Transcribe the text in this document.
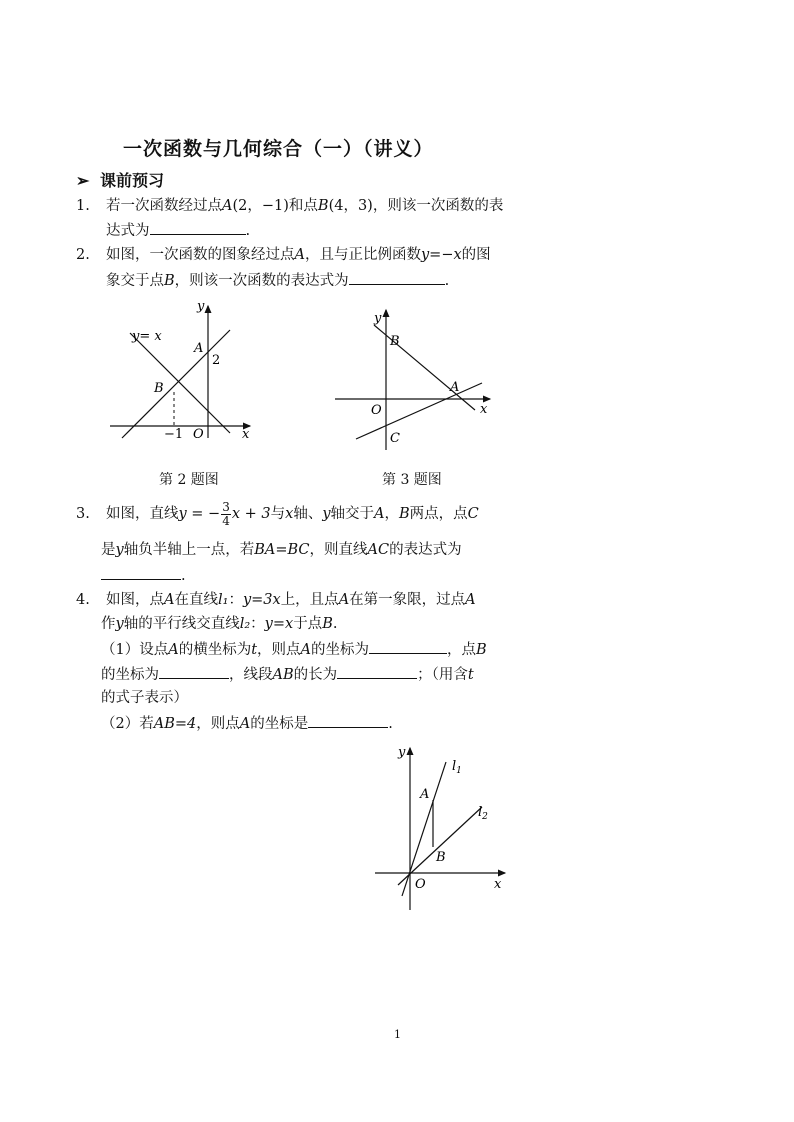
一次函数与几何综合（一）（讲义）
➢ 课前预习
1. 若一次函数经过点A(2，−1)和点B(4，3)，则该一次函数的表
达式为	.
2. 如图，一次函数的图象经过点A，且与正比例函数y=−x的图
象交于点B，则该一次函数的表达式为	.
y
x
y= x
A
2
B
−1 O
第 2 题图
y
x
B
A
O
C
第 3 题图
3. 如图，直线y = − $\frac{3}{4}$ x + 3与x轴、y轴交于A，B两点，点C
是y轴负半轴上一点，若BA=BC，则直线AC的表达式为
.
4. 如图，点A在直线l₁：y=3x上，且点A在第一象限，过点A
作y轴的平行线交直线l₂：y=x于点B.
（1）设点A的横坐标为t，则点A的坐标为	，点B
的坐标为	，线段AB的长为	；（用含t
的式子表示）
（2）若AB=4，则点A的坐标是	.
y
x
$l_1$
$l_2$
A
B
O
1
